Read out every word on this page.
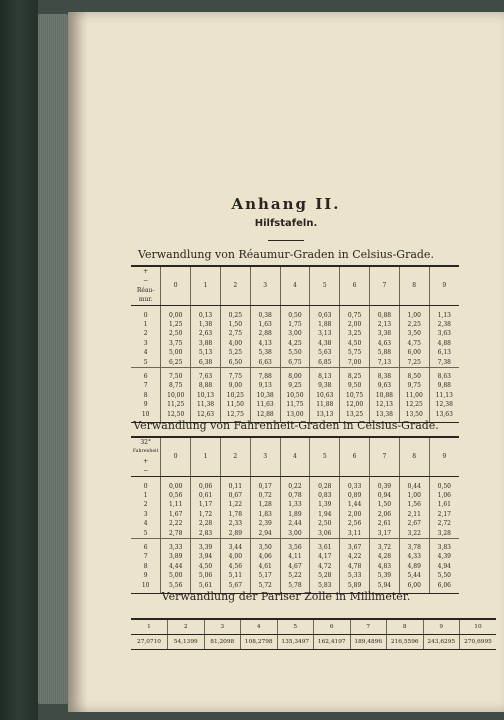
Anhang II.
Hilfstafeln.

Verwandlung von Réaumur-Graden in Celsius-Grade.

+
−
Réau-
mur.	0	1	2	3	4	5	6	7	8	9
0	0,00	0,13	0,25	0,38	0,50	0,63	0,75	0,88	1,00	1,13
1	1,25	1,38	1,50	1,63	1,75	1,88	2,00	2,13	2,25	2,38
2	2,50	2,63	2,75	2,88	3,00	3,13	3,25	3,38	3,50	3,63
3	3,75	3,88	4,00	4,13	4,25	4,38	4,50	4,63	4,75	4,88
4	5,00	5,13	5,25	5,38	5,50	5,63	5,75	5,88	6,00	6,13
5	6,25	6,38	6,50	6,63	6,75	6,85	7,00	7,13	7,25	7,38
6	7,50	7,63	7,75	7,88	8,00	8,13	8,25	8,38	8,50	8,63
7	8,75	8,88	9,00	9,13	9,25	9,38	9,50	9,63	9,75	9,88
8	10,00	10,13	10,25	10,38	10,50	10,63	10,75	10,88	11,00	11,13
9	11,25	11,38	11,50	11,63	11,75	11,88	12,00	12,13	12,25	12,38
10	12,50	12,63	12,75	12,88	13,00	13,13	13,25	13,38	13,50	13,63

Verwandlung von Fahrenheit-Graden in Celsius-Grade.

32°
Fahrenheit
+
−	0	1	2	3	4	5	6	7	8	9
0	0,00	0,06	0,11	0,17	0,22	0,28	0,33	0,39	0,44	0,50
1	0,56	0,61	0,67	0,72	0,78	0,83	0,89	0,94	1,00	1,06
2	1,11	1,17	1,22	1,28	1,33	1,39	1,44	1,50	1,56	1,61
3	1,67	1,72	1,78	1,83	1,89	1,94	2,00	2,06	2,11	2,17
4	2,22	2,28	2,33	2,39	2,44	2,50	2,56	2,61	2,67	2,72
5	2,78	2,83	2,89	2,94	3,00	3,06	3,11	3,17	3,22	3,28
6	3,33	3,39	3,44	3,50	3,56	3,61	3,67	3,72	3,78	3,83
7	3,89	3,94	4,00	4,06	4,11	4,17	4,22	4,28	4,33	4,39
8	4,44	4,50	4,56	4,61	4,67	4,72	4,78	4,83	4,89	4,94
9	5,00	5,06	5,11	5,17	5,22	5,28	5,33	5,39	5,44	5,50
10	5,56	5,61	5,67	5,72	5,78	5,83	5,89	5,94	6,00	6,06

Verwandlung der Pariser Zolle in Millimeter.

1	2	3	4	5	6	7	8	9	10
27,0710	54,1399	81,2098	108,2798	135,3497	162,4197	189,4896	216,5596	243,6295	270,6995
